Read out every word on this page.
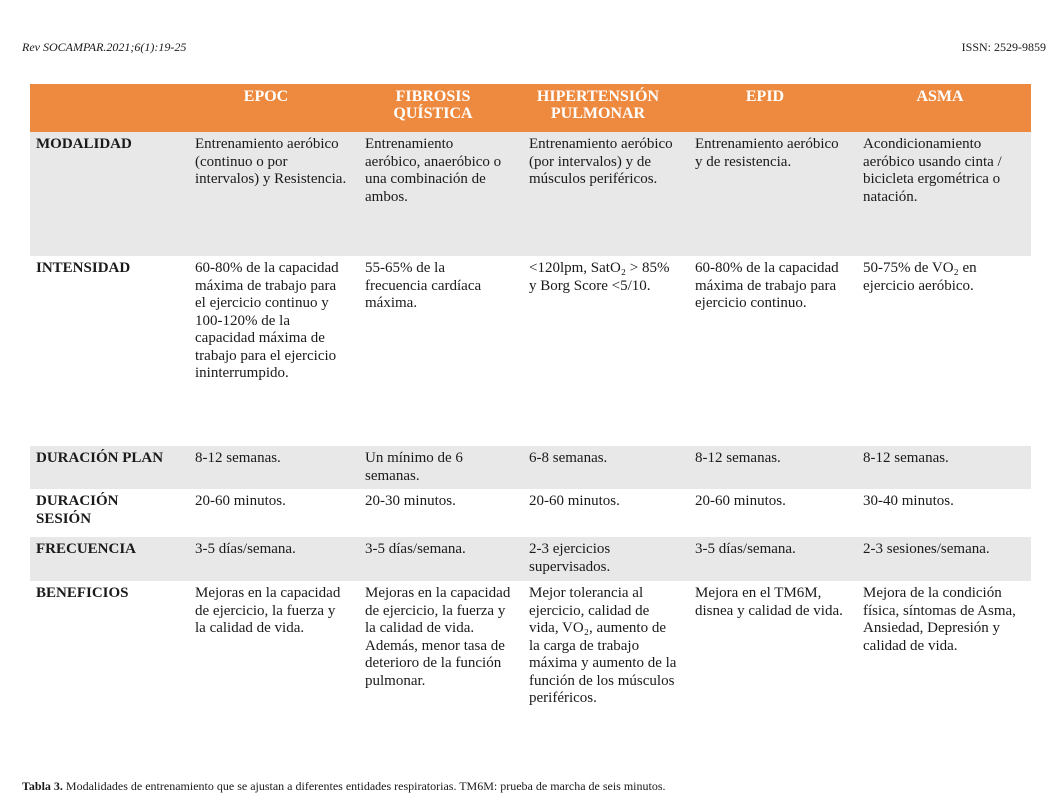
Rev SOCAMPAR.2021;6(1):19-25	ISSN: 2529-9859
	EPOC	FIBROSIS QUÍSTICA	HIPERTENSIÓN PULMONAR	EPID	ASMA
MODALIDAD	Entrenamiento aeróbico (continuo o por intervalos) y Resistencia.	Entrenamiento aeróbico, anaeróbico o una combinación de ambos.	Entrenamiento aeróbico (por intervalos) y de músculos periféricos.	Entrenamiento aeróbico y de resistencia.	Acondicionamiento aeróbico usando cinta / bicicleta ergométrica o natación.
INTENSIDAD	60-80% de la capacidad máxima de trabajo para el ejercicio continuo y 100-120% de la capacidad máxima de trabajo para el ejercicio ininterrumpido.	55-65% de la frecuencia cardíaca máxima.	<120lpm, SatO₂ > 85% y Borg Score <5/10.	60-80% de la capacidad máxima de trabajo para ejercicio continuo.	50-75% de VO₂ en ejercicio aeróbico.
DURACIÓN PLAN	8-12 semanas.	Un mínimo de 6 semanas.	6-8 semanas.	8-12 semanas.	8-12 semanas.
DURACIÓN SESIÓN	20-60 minutos.	20-30 minutos.	20-60 minutos.	20-60 minutos.	30-40 minutos.
FRECUENCIA	3-5 días/semana.	3-5 días/semana.	2-3 ejercicios supervisados.	3-5 días/semana.	2-3 sesiones/semana.
BENEFICIOS	Mejoras en la capacidad de ejercicio, la fuerza y la calidad de vida.	Mejoras en la capacidad de ejercicio, la fuerza y la calidad de vida. Además, menor tasa de deterioro de la función pulmonar.	Mejor tolerancia al ejercicio, calidad de vida, VO₂, aumento de la carga de trabajo máxima y aumento de la función de los músculos periféricos.	Mejora en el TM6M, disnea y calidad de vida.	Mejora de la condición física, síntomas de Asma, Ansiedad, Depresión y calidad de vida.
Tabla 3. Modalidades de entrenamiento que se ajustan a diferentes entidades respiratorias. TM6M: prueba de marcha de seis minutos.
